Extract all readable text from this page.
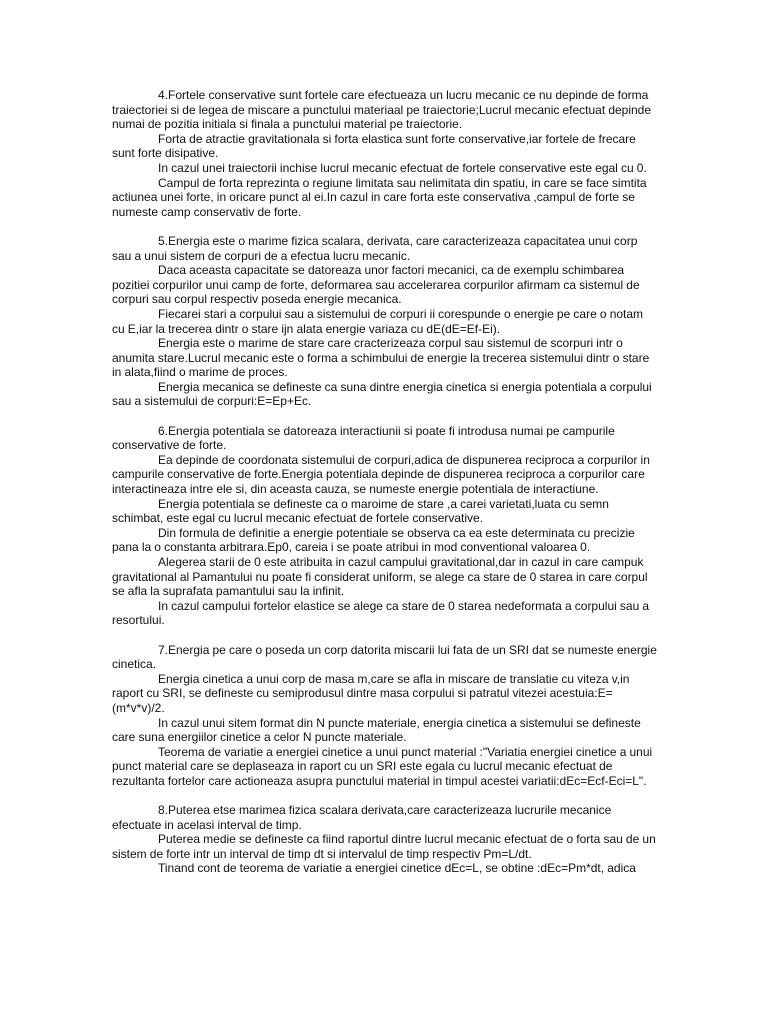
4.Fortele conservative sunt fortele care efectueaza un lucru mecanic ce nu depinde de forma traiectoriei si de legea de miscare a punctului materiaal pe traiectorie;Lucrul mecanic efectuat depinde numai de pozitia initiala si finala a punctului material pe traiectorie.

Forta de atractie gravitationala si forta elastica sunt forte conservative,iar fortele de frecare sunt forte disipative.

In cazul unei traiectorii inchise lucrul mecanic efectuat de fortele conservative este egal cu 0.

Campul de forta reprezinta o regiune limitata sau nelimitata din spatiu, in care se face simtita actiunea unei forte, in oricare punct al ei.In cazul in care forta este conservativa ,campul de forte se numeste camp conservativ de forte.

5.Energia este o marime fizica scalara, derivata, care caracterizeaza capacitatea unui corp sau a unui sistem de corpuri de a efectua lucru mecanic.

Daca aceasta capacitate se datoreaza unor factori mecanici, ca de exemplu schimbarea pozitiei corpurilor unui camp de forte, deformarea sau accelerarea corpurilor afirmam ca sistemul de corpuri sau corpul respectiv poseda energie mecanica.

Fiecarei stari a corpului sau a sistemului de corpuri ii corespunde o energie pe care o notam cu E,iar la trecerea dintr o stare ijn alata energie variaza cu dE(dE=Ef-Ei).

Energia este o marime de stare care cracterizeaza corpul sau sistemul de scorpuri intr o anumita stare.Lucrul mecanic este o forma a schimbului de energie la trecerea sistemului dintr o stare in alata,fiind o marime de proces.

Energia mecanica se defineste ca suna dintre energia cinetica si energia potentiala a corpului sau a sistemului de corpuri:E=Ep+Ec.

6.Energia potentiala se datoreaza interactiunii si poate fi introdusa numai pe campurile conservative de forte.

Ea depinde de coordonata sistemului de corpuri,adica de dispunerea reciproca a corpurilor in campurile conservative de forte.Energia potentiala depinde de dispunerea reciproca a corpurilor care interactineaza intre ele si, din aceasta cauza, se numeste energie potentiala de interactiune.

Energia potentiala se defineste ca o maroime de stare ,a carei varietati,luata cu semn schimbat, este egal cu lucrul mecanic efectuat de fortele conservative.

Din formula de definitie a energie potentiale se observa ca ea este determinata cu precizie pana la o constanta arbitrara.Ep0, careia i se poate atribui in mod conventional valoarea 0.

Alegerea starii de 0 este atribuita in cazul campului gravitational,dar in cazul in care campuk gravitational al Pamantului nu poate fi considerat uniform, se alege ca stare de 0 starea in care corpul se afla la suprafata pamantului sau la infinit.

In cazul campului fortelor elastice se alege ca stare de 0 starea nedeformata a corpului sau a resortului.

7.Energia pe care o poseda un corp datorita miscarii lui fata de un SRI dat se numeste energie cinetica.

Energia cinetica a unui corp de masa m,care se afla in miscare de translatie cu viteza v,in raport cu SRI, se defineste cu semiprodusul dintre masa corpului si patratul vitezei acestuia:E=(m*v*v)/2.

In cazul unui sitem format din N puncte materiale, energia cinetica a sistemului se defineste care suna energiilor cinetice a celor N puncte materiale.

Teorema de variatie a energiei cinetice a unui punct material :"Variatia energiei cinetice a unui punct material care se deplaseaza in raport cu un SRI este egala cu lucrul mecanic efectuat de rezultanta fortelor care actioneaza asupra punctului material in timpul acestei variatii:dEc=Ecf-Eci=L".

8.Puterea etse marimea fizica scalara derivata,care caracterizeaza lucrurile mecanice efectuate in acelasi interval de timp.

Puterea medie se defineste ca fiind raportul dintre lucrul mecanic efectuat de o forta sau de un sistem de forte intr un interval de timp dt si intervalul de timp respectiv Pm=L/dt.

Tinand cont de teorema de variatie a energiei cinetice dEc=L, se obtine :dEc=Pm*dt, adica
